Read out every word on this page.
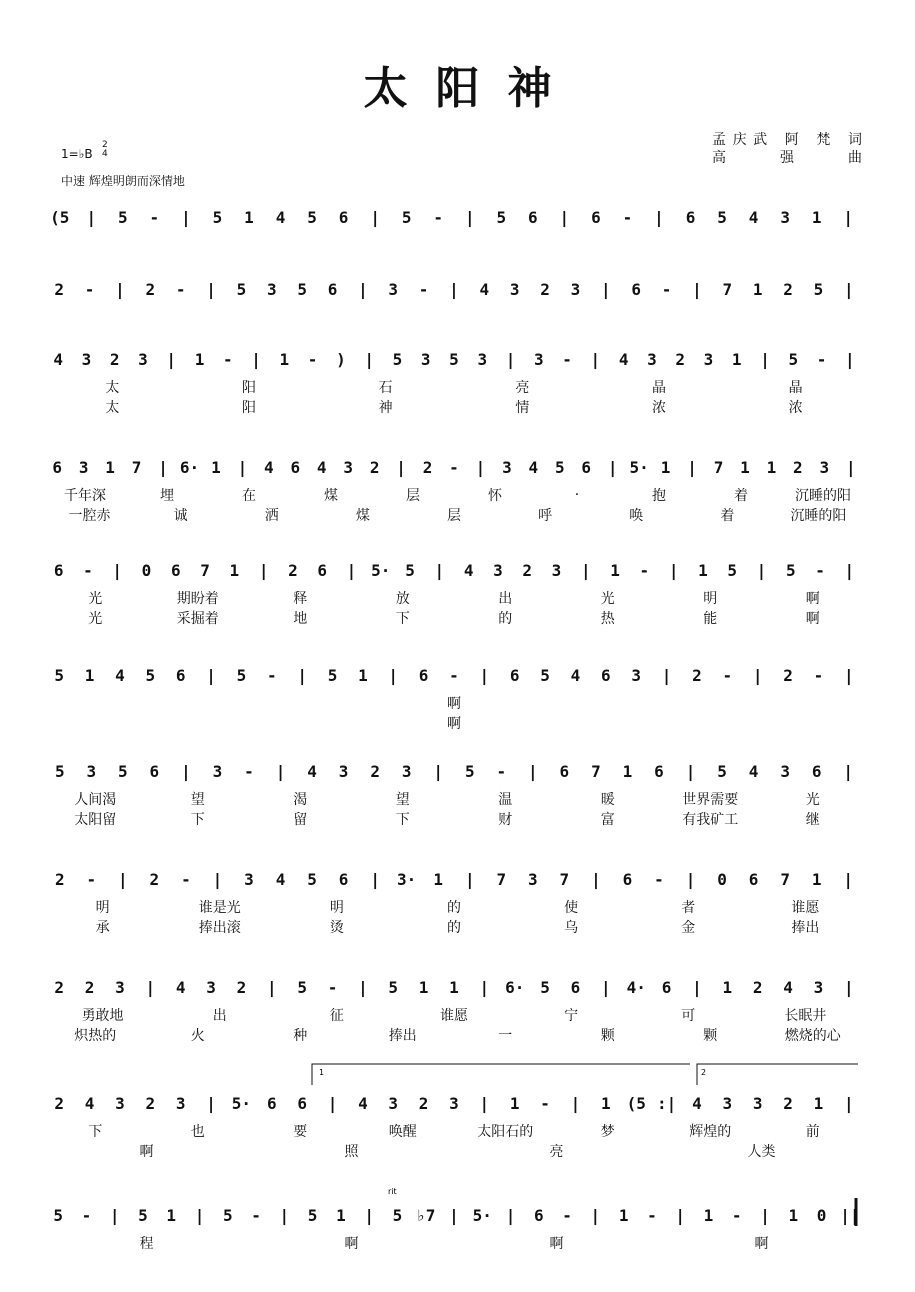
太阳神
孟庆武 阿 梵 词
高 强 曲
1=♭B
2
4
中速 辉煌明朗而深情地
1	2
rit
(5	|	5	-	|	5	1	4	5	6	|	5	-	|	5	6	|	6	-	|	6	5	4	3	1	|
2	-	|	2	-	|	5	3	5	6	|	3	-	|	4	3	2	3	|	6	-	|	7	1	2	5	|
4	3	2	3	|	1	-	|	1	-	)	|	5	3	5	3	|	3	-	|	4	3	2	3	1	|	5	-	|
太	阳	石	亮	晶	晶
太	阳	神	情	浓	浓
6	3	1	7	| 6· 1	|	4	6	4	3	2	|	2	-	|	3	4	5	6	| 5· 1	|	7	1	1	2	3	|
千年深	埋	在	煤	层	怀	·	抱	着	沉睡的阳
一腔赤	诚	洒	煤	层	呼	唤	着	沉睡的阳
6	-	|	0	6	7	1	|	2	6	| 5· 5	|	4	3	2	3	|	1	-	|	1	5	|	5	-	|
光	期盼着	释	放	出	光	明	啊
光	采掘着	地	下	的	热	能	啊
5	1	4	5	6	|	5	-	|	5	1	|	6	-	|	6	5	4	6	3	|	2	-	|	2	-	|
啊
啊
5	3	5	6	|	3	-	|	4	3	2	3	|	5	-	|	6	7	1	6	|	5	4	3	6	|
人间渴	望	渴	望	温	暖	世界需要	光
太阳留	下	留	下	财	富	有我矿工	继
2	-	|	2	-	|	3	4	5	6	|	3·	1	|	7	3	7	|	6	-	|	0	6	7	1	|
明	谁是光	明	的	使	者	谁愿
承	捧出滚	烫	的	乌	金	捧出
2	2	3	|	4	3	2	|	5	-	|	5	1	1	| 6· 5	6	| 4· 6	|	1	2	4	3	|
勇敢地	出	征	谁愿	宁	可	长眠井
炽热的	火	种	捧出	一	颗	颗	燃烧的心
2	4	3	2	3	| 5· 6	6	|	4	3	2	3	|	1	-	|	1 (5 :| 4	3	3	2	1	|
下	也	要	唤醒	太阳石的	梦	辉煌的	前
啊	照	亮	人类
5	-	|	5	1	|	5	-	|	5	1	|	5 ♭7 | 5· |	6	-	|	1	-	|	1	-	|	1	0 ||
程	啊	啊	啊
